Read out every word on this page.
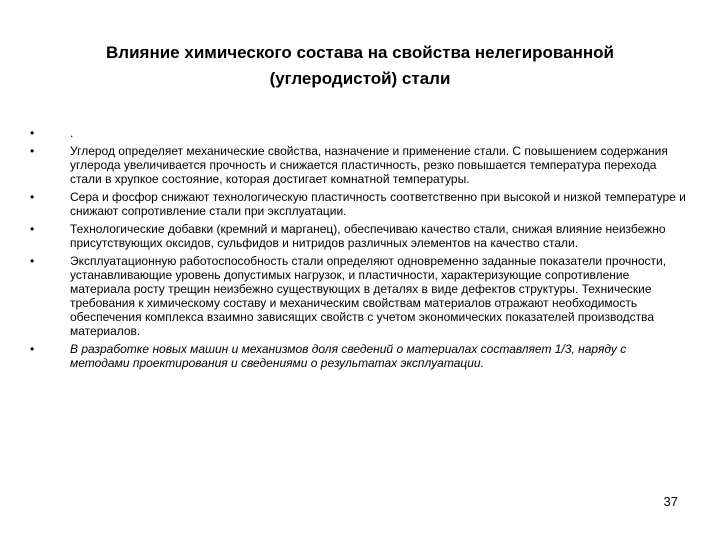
Влияние химического состава на свойства нелегированной
(углеродистой) стали
•	.
•	Углерод определяет механические свойства, назначение и применение стали. С повышением содержания углерода увеличивается прочность и снижается пластичность, резко повышается температура перехода стали в хрупкое состояние, которая достигает комнатной температуры.
•	Сера и фосфор снижают технологическую пластичность соответственно при высокой и низкой температуре и снижают сопротивление стали при эксплуатации.
•	Технологические добавки (кремний и марганец), обеспечиваю качество стали, снижая влияние неизбежно присутствующих оксидов, сульфидов и нитридов различных элементов на качество стали.
•	Эксплуатационную работоспособность стали определяют одновременно заданные показатели прочности, устанавливающие уровень допустимых нагрузок, и пластичности, характеризующие сопротивление материала росту трещин неизбежно существующих в деталях в виде дефектов структуры. Технические требования к химическому составу и механическим свойствам материалов отражают необходимость обеспечения комплекса взаимно зависящих свойств с учетом экономических показателей производства материалов.
•	В разработке новых машин и механизмов доля сведений о материалах составляет 1/3, наряду с методами проектирования и сведениями о результатах эксплуатации.
37
